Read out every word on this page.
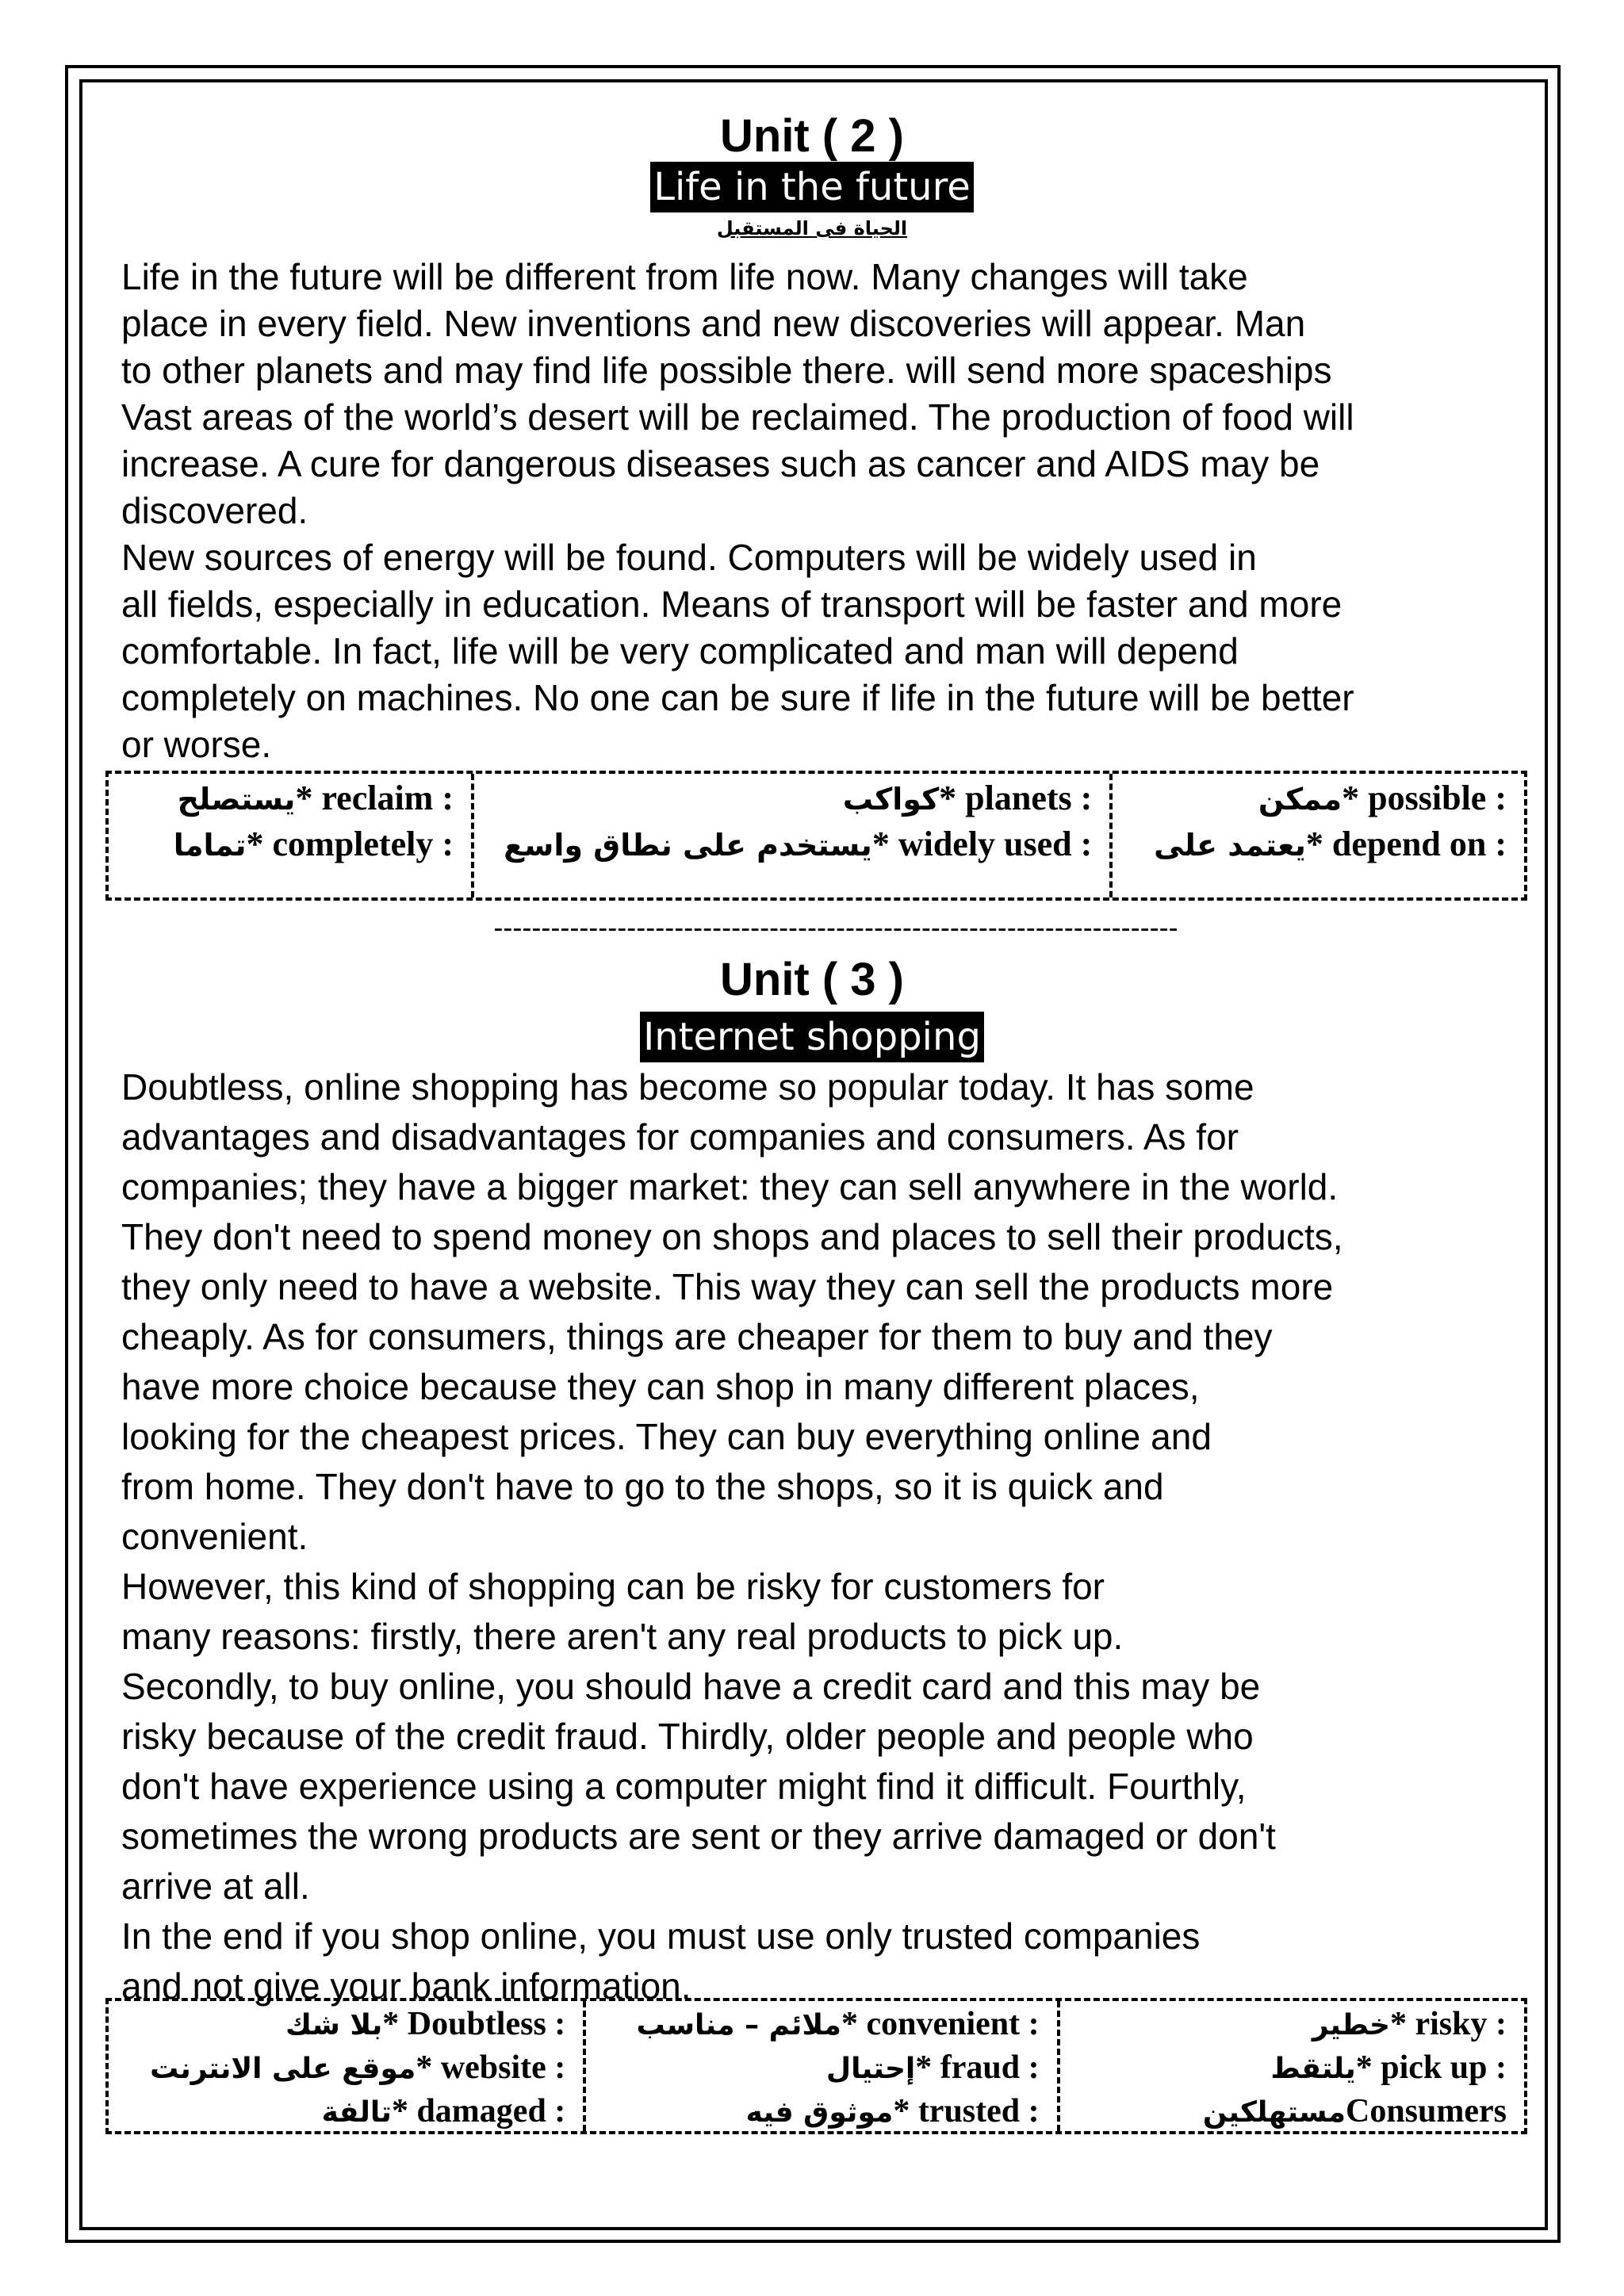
Unit ( 2 )
Life in the future
الحياة فى المستقبل
Life in the future will be different from life now. Many changes will take
place in every field. New inventions and new discoveries will appear. Man
to other planets and may find life possible there. will send more spaceships
Vast areas of the world’s desert will be reclaimed. The production of food will
increase. A cure for dangerous diseases such as cancer and AIDS may be
discovered.
New sources of energy will be found. Computers will be widely used in
all fields, especially in education. Means of transport will be faster and more
comfortable. In fact, life will be very complicated and man will depend
completely on machines. No one can be sure if life in the future will be better
or worse.
يستصلح * reclaim :
تماما * completely :
كواكب * planets :
يستخدم على نطاق واسع * widely used :
ممكن * possible :
يعتمد على * depend on :
------------------------------------------------------------------------
Unit ( 3 )
Internet shopping
Doubtless, online shopping has become so popular today. It has some
advantages and disadvantages for companies and consumers. As for
companies; they have a bigger market: they can sell anywhere in the world.
They don't need to spend money on shops and places to sell their products,
they only need to have a website. This way they can sell the products more
cheaply. As for consumers, things are cheaper for them to buy and they
have more choice because they can shop in many different places,
looking for the cheapest prices. They can buy everything online and
from home. They don't have to go to the shops, so it is quick and
convenient.
However, this kind of shopping can be risky for customers for
many reasons: firstly, there aren't any real products to pick up.
Secondly, to buy online, you should have a credit card and this may be
risky because of the credit fraud. Thirdly, older people and people who
don't have experience using a computer might find it difficult. Fourthly,
sometimes the wrong products are sent or they arrive damaged or don't
arrive at all.
In the end if you shop online, you must use only trusted companies
and not give your bank information.
بلا شك * Doubtless :
موقع على الانترنت * website :
تالفة * damaged :
ملائم – مناسب * convenient :
إحتيال * fraud :
موثوق فيه * trusted :
خطير * risky :
يلتقط * pick up :
مستهلكين Consumers
